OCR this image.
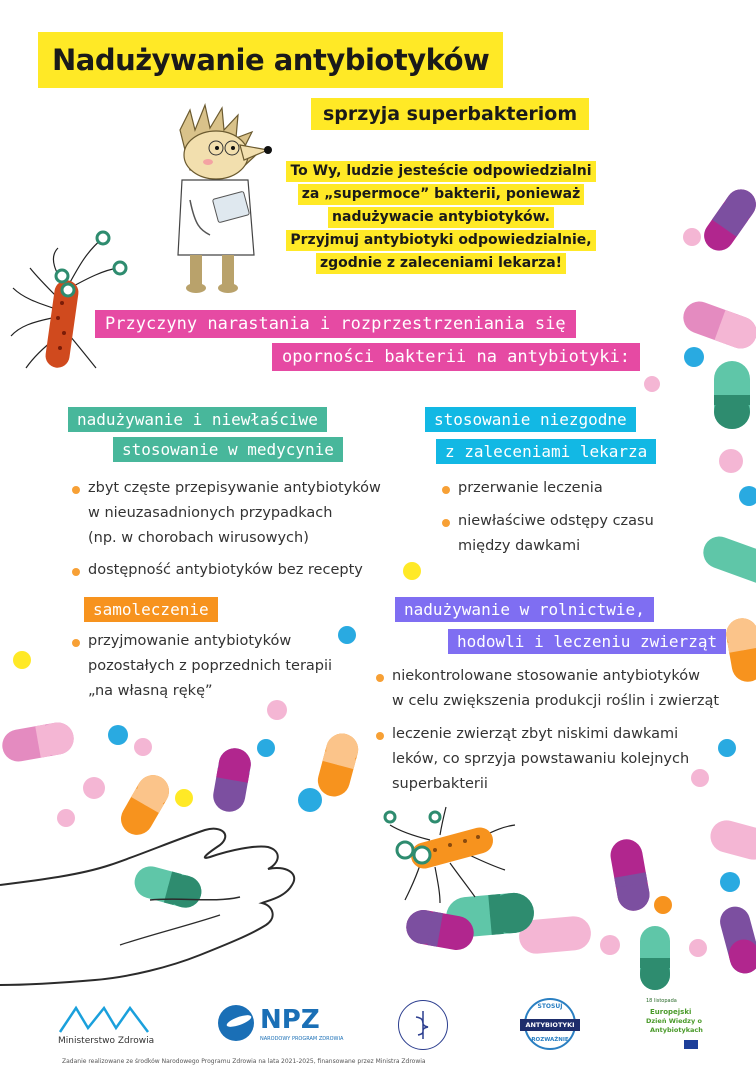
Nadużywanie antybiotyków
sprzyja superbakteriom
To Wy, ludzie jesteście odpowiedzialni
za „supermoce” bakterii, ponieważ
nadużywacie antybiotyków.
Przyjmuj antybiotyki odpowiedzialnie,
zgodnie z zaleceniami lekarza!
Przyczyny narastania i rozprzestrzeniania się
oporności bakterii na antybiotyki:
nadużywanie i niewłaściwe
stosowanie w medycynie
zbyt częste przepisywanie antybiotyków
w nieuzasadnionych przypadkach
(np. w chorobach wirusowych)
dostępność antybiotyków bez recepty
stosowanie niezgodne
z zaleceniami lekarza
przerwanie leczenia
niewłaściwe odstępy czasu
między dawkami
samoleczenie
przyjmowanie antybiotyków
pozostałych z poprzednich terapii
„na własną rękę”
nadużywanie w rolnictwie,
hodowli i leczeniu zwierząt
niekontrolowane stosowanie antybiotyków
w celu zwiększenia produkcji roślin i zwierząt
leczenie zwierząt zbyt niskimi dawkami
leków, co sprzyja powstawaniu kolejnych
superbakterii
Ministerstwo Zdrowia
NPZ
NARODOWY PROGRAM ZDROWIA
STOSUJ
ANTYBIOTYKI
ROZWAŻNIE
18 listopada
Europejski
Dzień Wiedzy o
Antybiotykach
Zadanie realizowane ze środków Narodowego Programu Zdrowia na lata 2021-2025, finansowane przez Ministra Zdrowia
